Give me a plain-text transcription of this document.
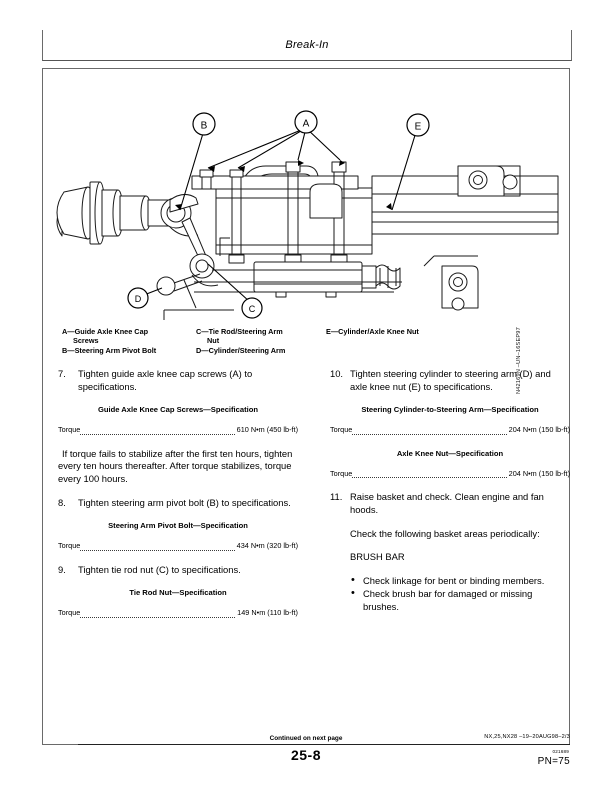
Break-In
A
B
C
D
E
N42169N –UN–16SEP97
A—Guide Axle Knee Cap
Screws
B—Steering Arm Pivot Bolt
C—Tie Rod/Steering Arm
Nut
D—Cylinder/Steering Arm
E—Cylinder/Axle Knee Nut
7.	Tighten guide axle knee cap screws (A) to specifications.

Guide Axle Knee Cap Screws—Specification
Torque	610 N•m (450 lb-ft)

If torque fails to stabilize after the first ten hours, tighten every ten hours thereafter. After torque stabilizes, torque every 100 hours.

8.	Tighten steering arm pivot bolt (B) to specifications.

Steering Arm Pivot Bolt—Specification
Torque	434 N•m (320 lb-ft)
9.	Tighten tie rod nut (C) to specifications.

Tie Rod Nut—Specification
Torque	149 N•m (110 lb-ft)
10. Tighten steering cylinder to steering arm (D) and axle knee nut (E) to specifications.

Steering Cylinder-to-Steering Arm—Specification
Torque	204 N•m (150 lb-ft)
Axle Knee Nut—Specification
Torque	204 N•m (150 lb-ft)
11. Raise basket and check. Clean engine and fan hoods.

Check the following basket areas periodically:

BRUSH BAR

• Check linkage for bent or binding members.
• Check brush bar for damaged or missing brushes.
Continued on next page	NX,25,NX28 –19–20AUG98–2/3
25-8	021689
PN=75
